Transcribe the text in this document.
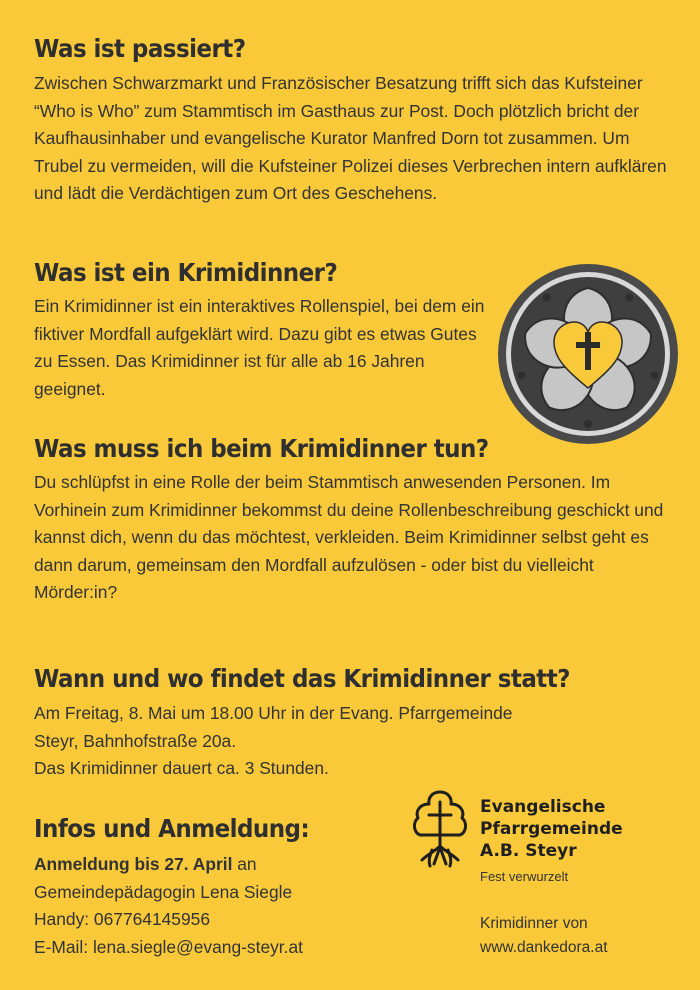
Was ist passiert?

Zwischen Schwarzmarkt und Französischer Besatzung trifft sich das Kufsteiner “Who is Who” zum Stammtisch im Gasthaus zur Post. Doch plötzlich bricht der Kaufhausinhaber und evangelische Kurator Manfred Dorn tot zusammen. Um Trubel zu vermeiden, will die Kufsteiner Polizei dieses Verbrechen intern aufklären und lädt die Verdächtigen zum Ort des Geschehens.

Was ist ein Krimidinner?

Ein Krimidinner ist ein interaktives Rollenspiel, bei dem ein fiktiver Mordfall aufgeklärt wird. Dazu gibt es etwas Gutes zu Essen. Das Krimidinner ist für alle ab 16 Jahren geeignet.

Was muss ich beim Krimidinner tun?

Du schlüpfst in eine Rolle der beim Stammtisch anwesenden Personen. Im Vorhinein zum Krimidinner bekommst du deine Rollenbeschreibung geschickt und kannst dich, wenn du das möchtest, verkleiden. Beim Krimidinner selbst geht es dann darum, gemeinsam den Mordfall aufzulösen - oder bist du vielleicht Mörder:in?

Wann und wo findet das Krimidinner statt?

Am Freitag, 8. Mai um 18.00 Uhr in der Evang. Pfarrgemeinde
Steyr, Bahnhofstraße 20a.
Das Krimidinner dauert ca. 3 Stunden.

Infos und Anmeldung:

Anmeldung bis 27. April an
Gemeindepädagogin Lena Siegle
Handy: 067764145956
E-Mail: lena.siegle@evang-steyr.at

Evangelische
Pfarrgemeinde
A.B. Steyr
Fest verwurzelt
Krimidinner von
www.dankedora.at
